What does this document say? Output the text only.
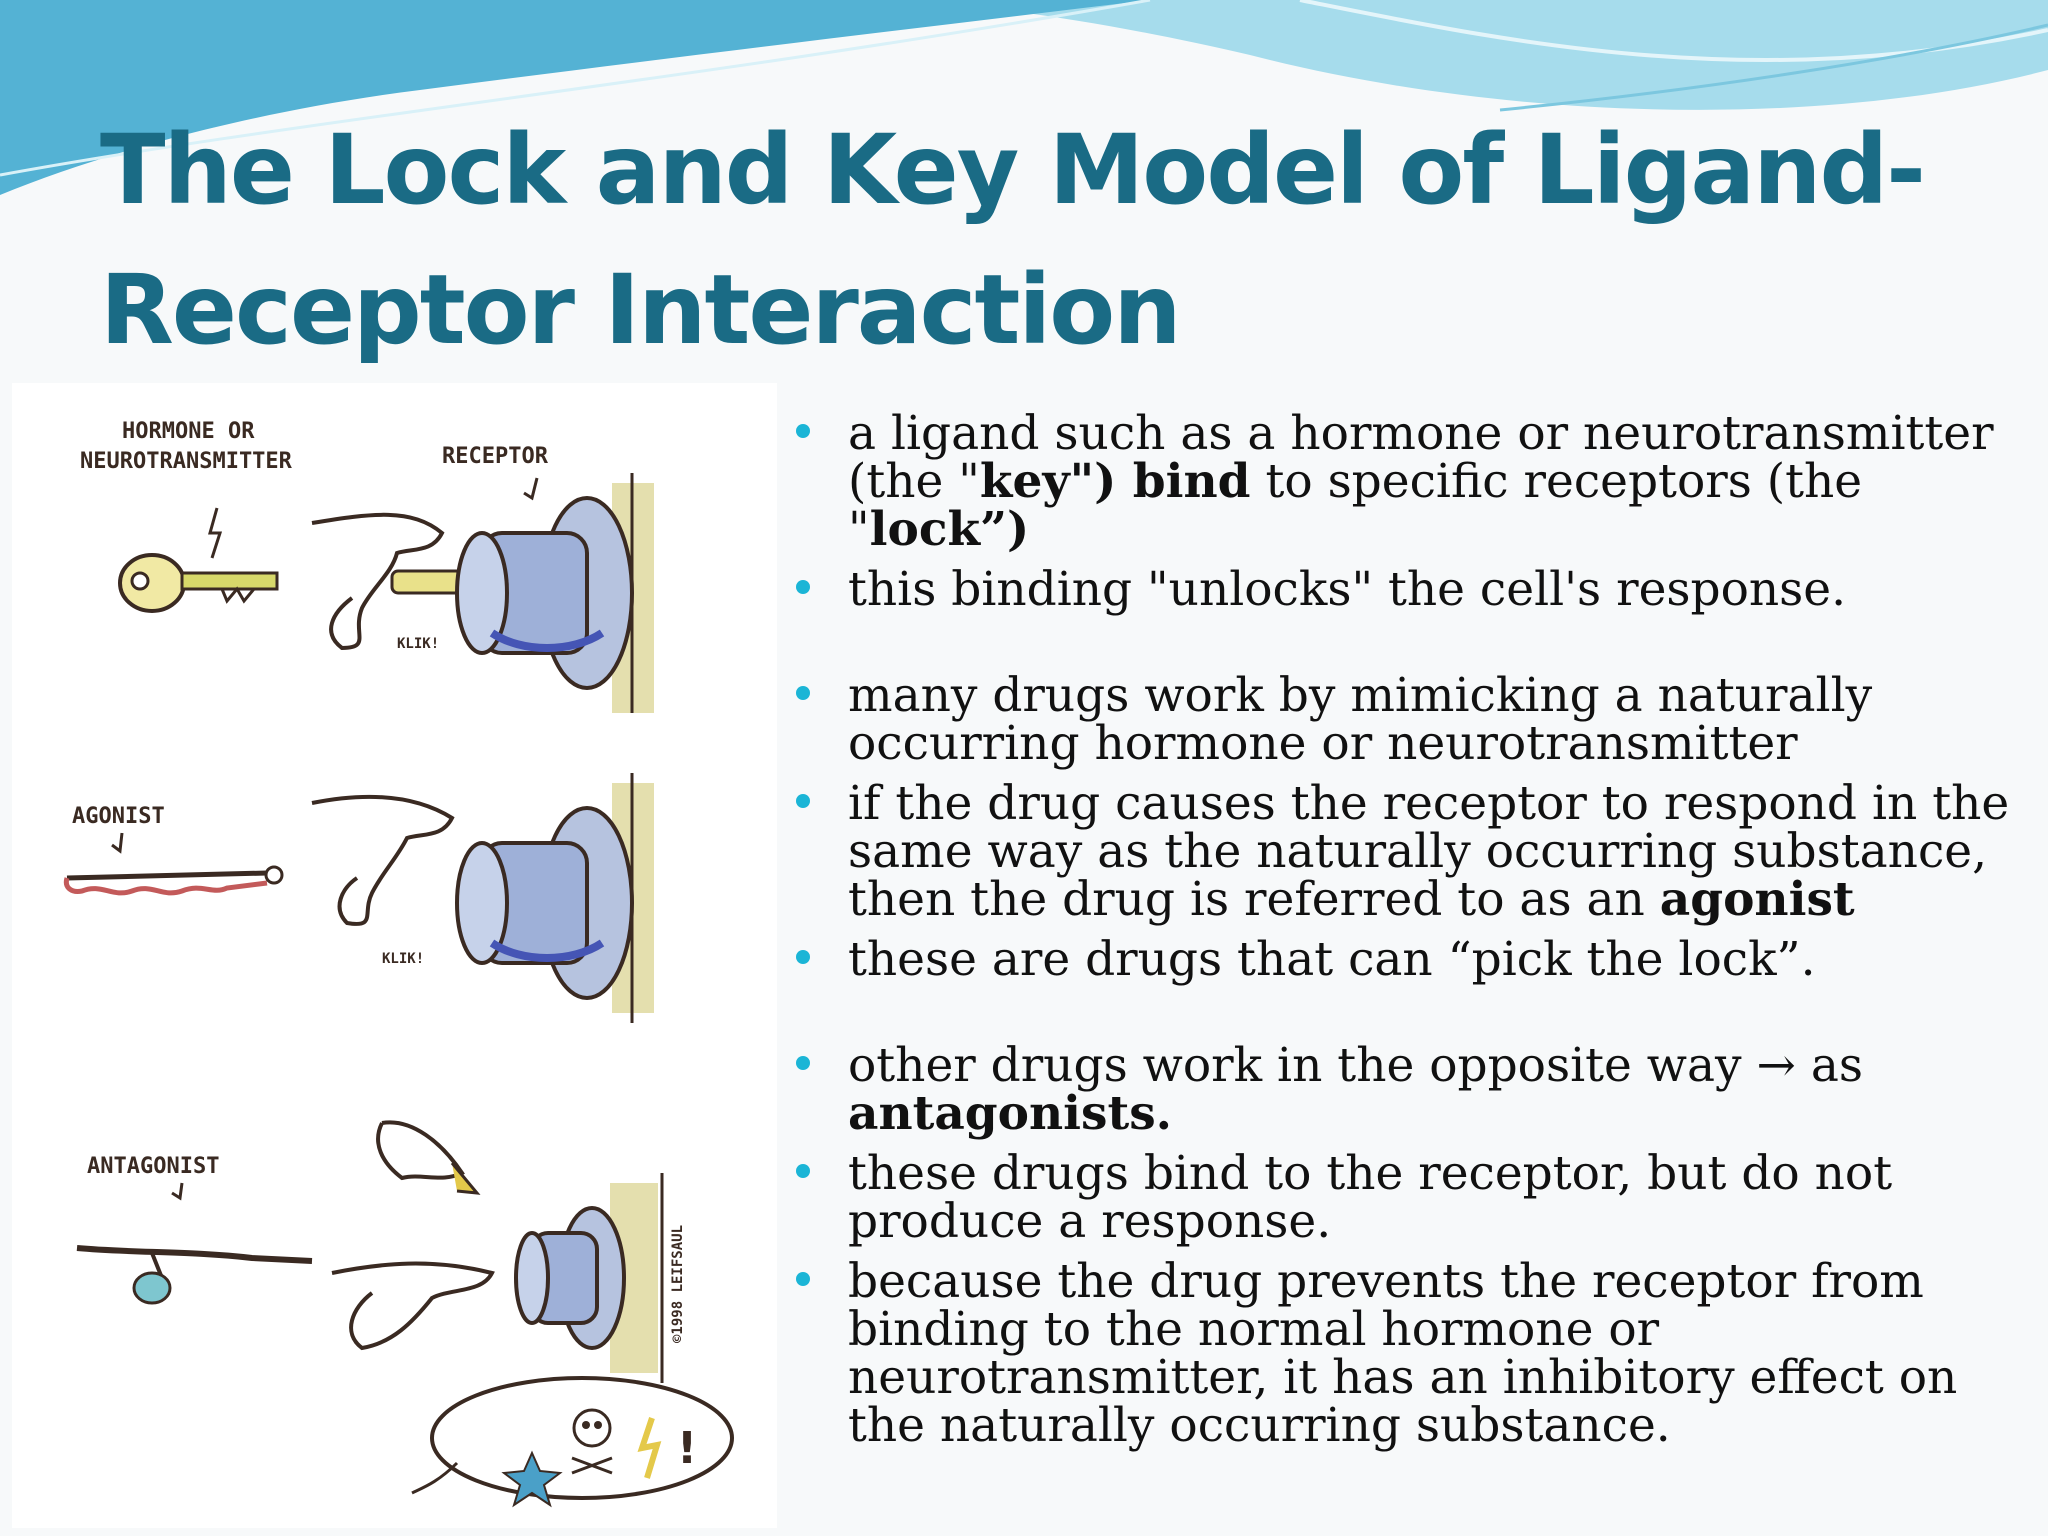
The Lock and Key Model of Ligand-Receptor Interaction
HORMONE OR
NEUROTRANSMITTER	RECEPTOR
KLIK!
AGONIST
KLIK!
ANTAGONIST
©1998 LEIFSAUL
!
a ligand such as a hormone or neurotransmitter (the "key") bind to specific receptors (the "lock”)
this binding "unlocks" the cell's response.
many drugs work by mimicking a naturally occurring hormone or neurotransmitter
if the drug causes the receptor to respond in the same way as the naturally occurring substance, then the drug is referred to as an agonist
these are drugs that can “pick the lock”.
other drugs work in the opposite way → as antagonists.
these drugs bind to the receptor, but do not produce a response.
because the drug prevents the receptor from binding to the normal hormone or neurotransmitter, it has an inhibitory effect on the naturally occurring substance.
